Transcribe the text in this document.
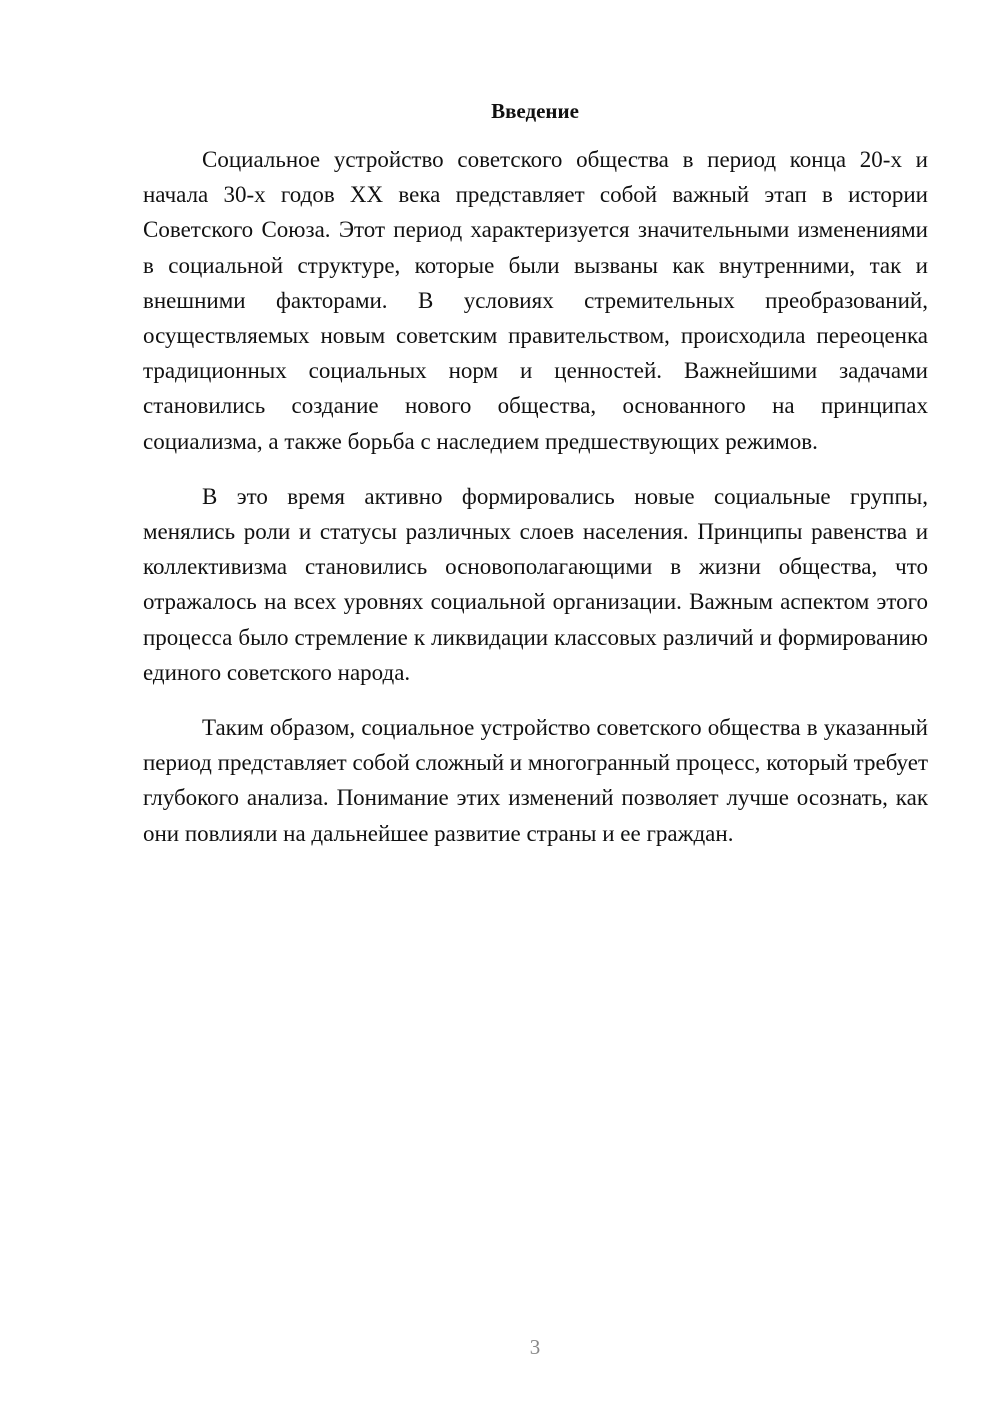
Введение

Социальное устройство советского общества в период конца 20-х и начала 30-х годов XX века представляет собой важный этап в истории Советского Союза. Этот период характеризуется значительными изменениями в социальной структуре, которые были вызваны как внутренними, так и внешними факторами. В условиях стремительных преобразований, осуществляемых новым советским правительством, происходила переоценка традиционных социальных норм и ценностей. Важнейшими задачами становились создание нового общества, основанного на принципах социализма, а также борьба с наследием предшествующих режимов.

В это время активно формировались новые социальные группы, менялись роли и статусы различных слоев населения. Принципы равенства и коллективизма становились основополагающими в жизни общества, что отражалось на всех уровнях социальной организации. Важным аспектом этого процесса было стремление к ликвидации классовых различий и формированию единого советского народа.

Таким образом, социальное устройство советского общества в указанный период представляет собой сложный и многогранный процесс, который требует глубокого анализа. Понимание этих изменений позволяет лучше осознать, как они повлияли на дальнейшее развитие страны и ее граждан.

3
